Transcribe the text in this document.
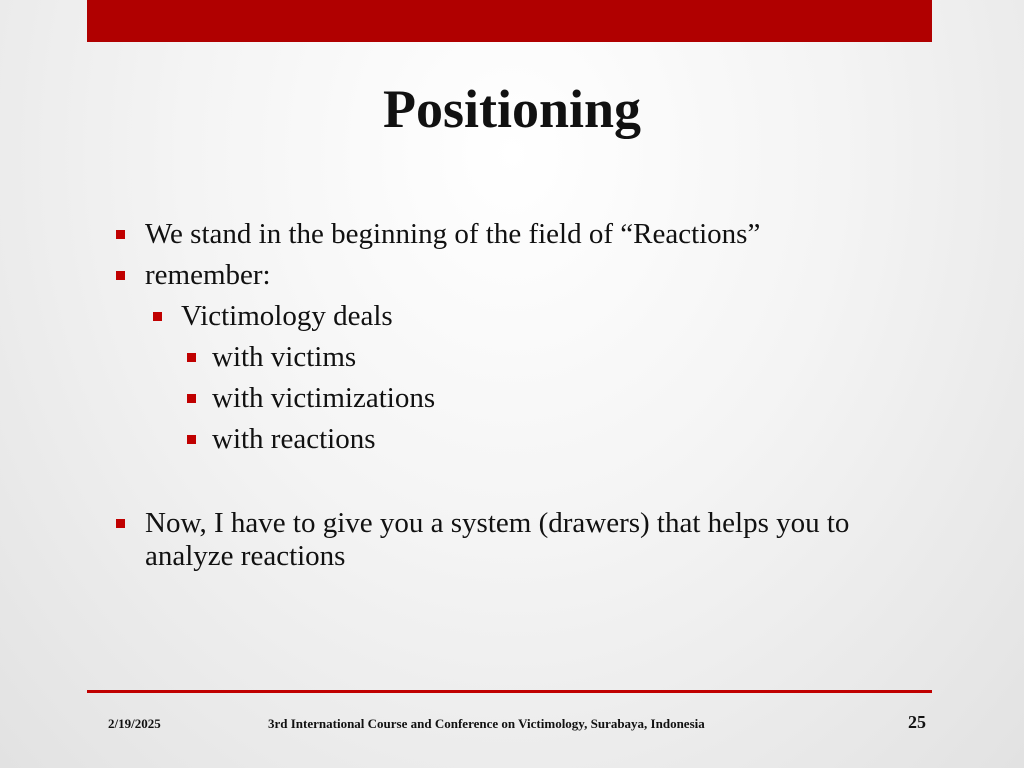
Positioning
We stand in the beginning of the field of “Reactions”
remember:
Victimology deals
with victims
with victimizations
with reactions
Now, I have to give you a system (drawers) that helps you to analyze reactions
2/19/2025	3rd International Course and Conference on Victimology, Surabaya, Indonesia	25
